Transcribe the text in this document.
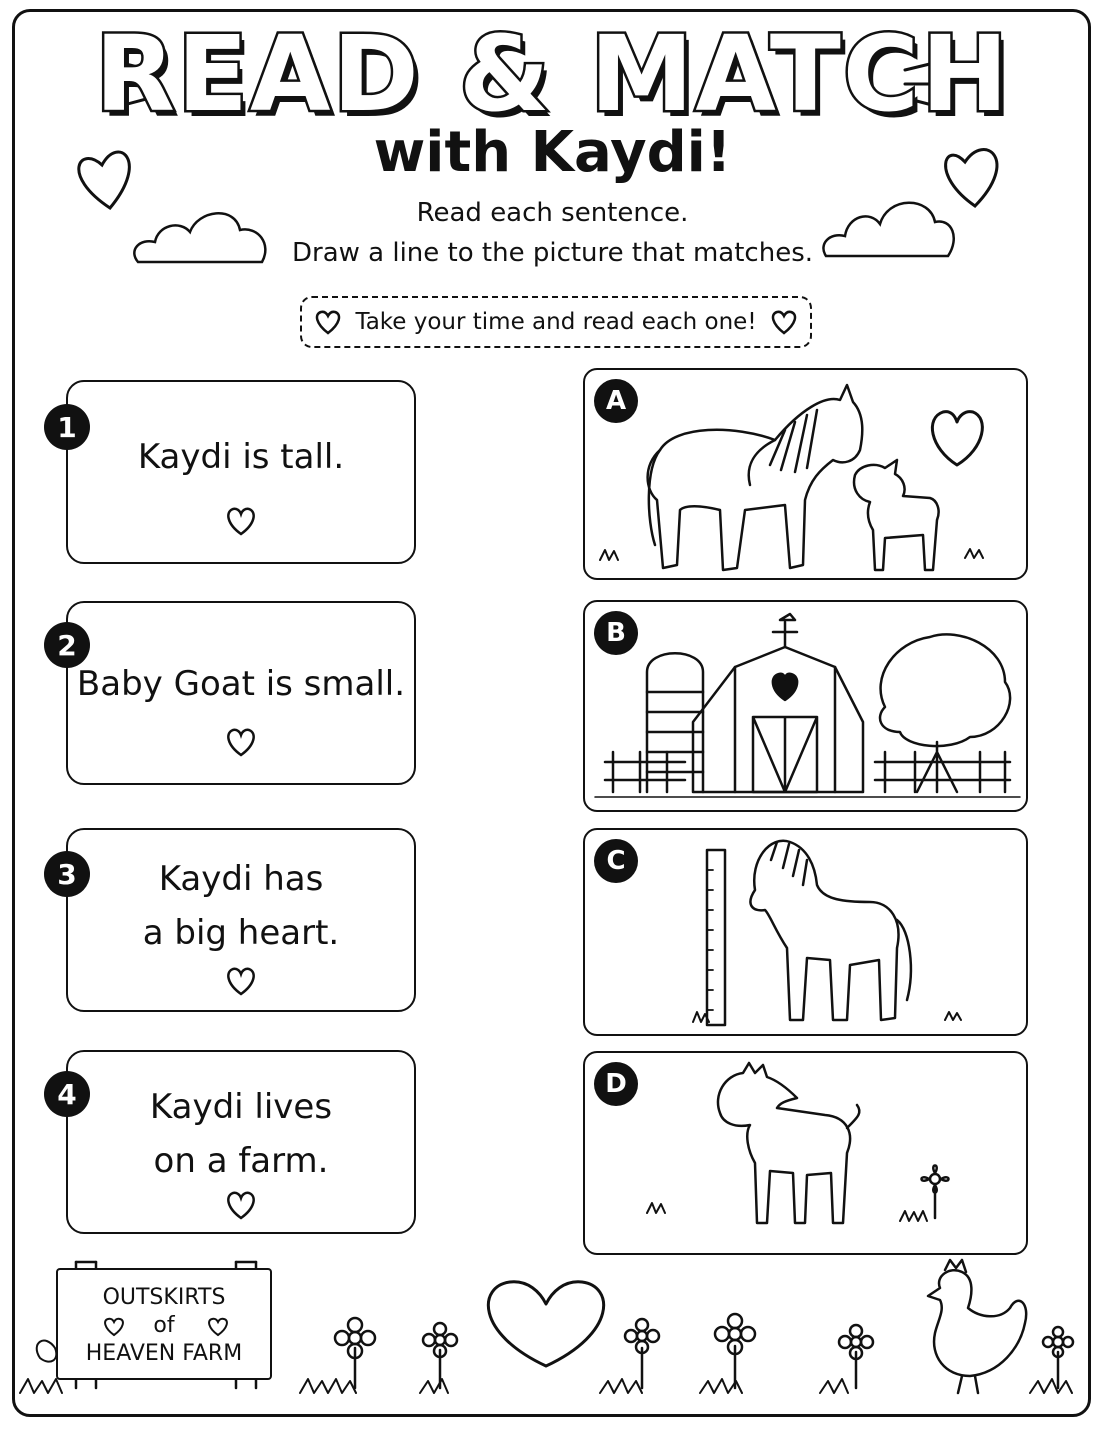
READ & MATCH
with Kaydi!
Read each sentence.
Draw a line to the picture that matches.
Take your time and read each one!
Kaydi is tall.
1
Baby Goat is small.
2
Kaydi has
a big heart.
3
Kaydi lives
on a farm.
4
A
B
C
D
OUTSKIRTS
of
HEAVEN FARM
